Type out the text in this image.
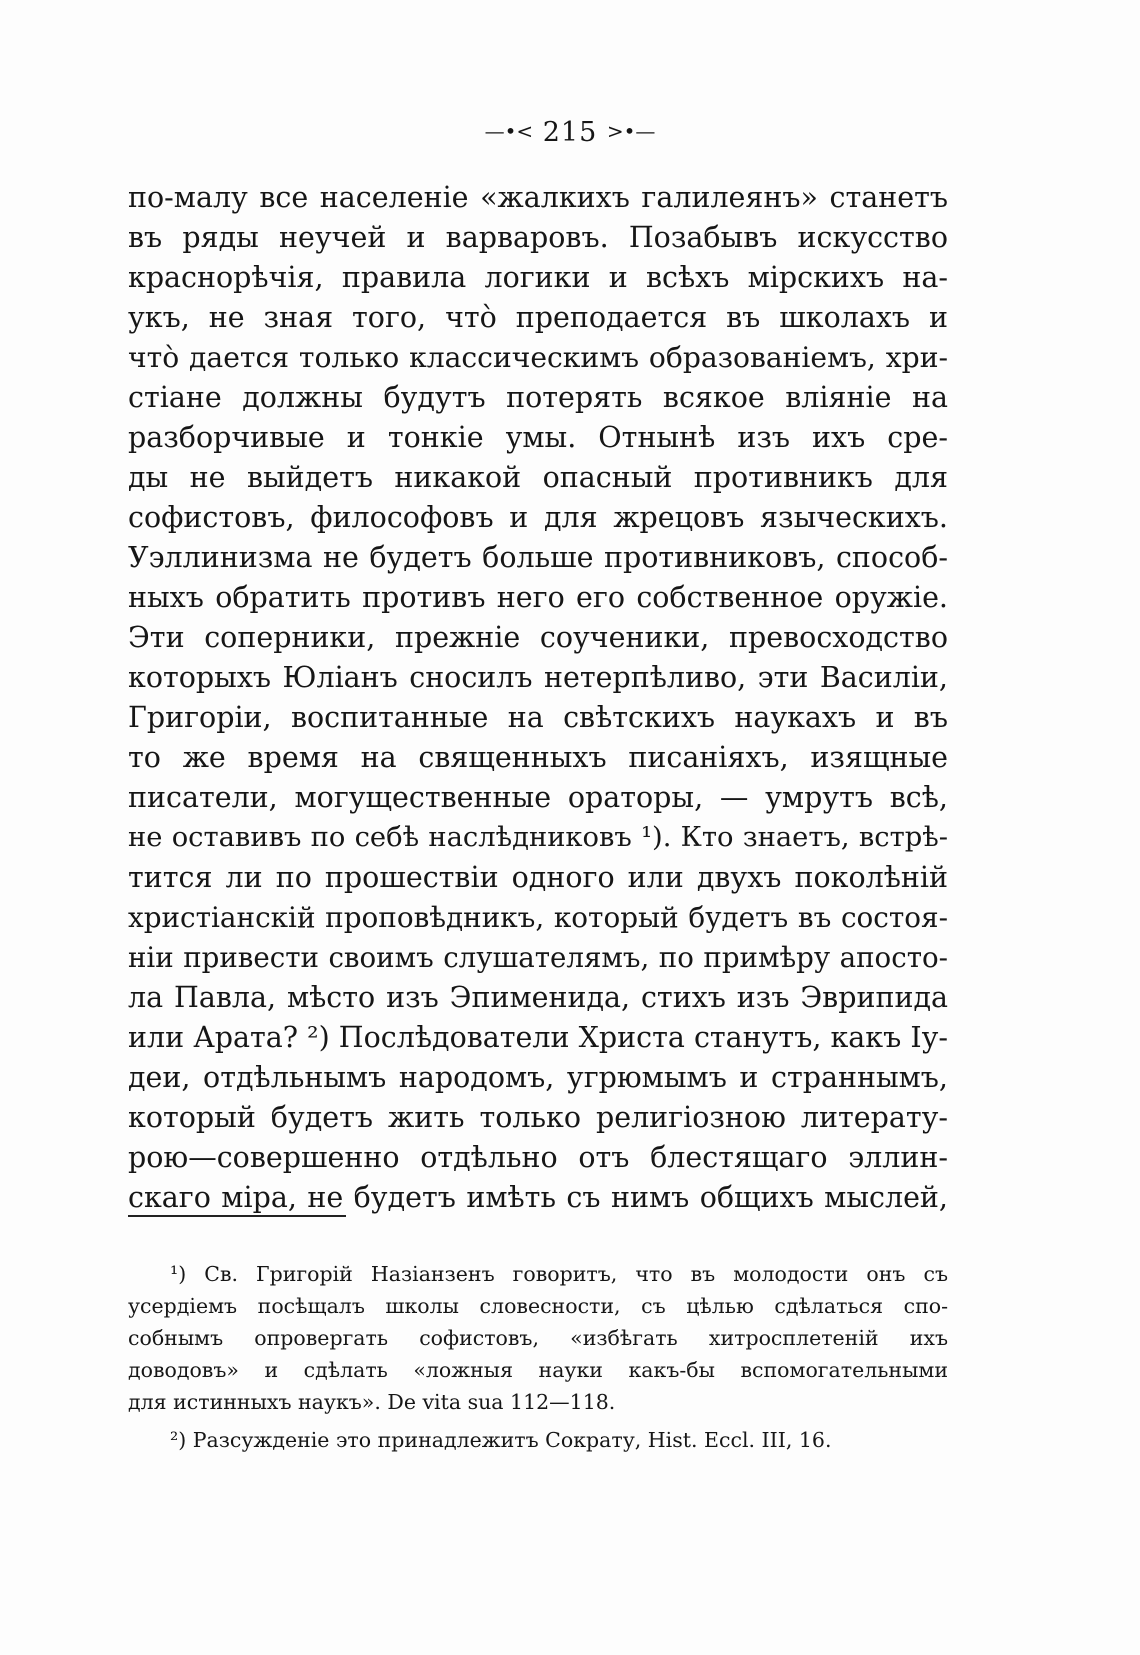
—•< 215 >•—
по-малу все населеніе «жалкихъ галилеянъ» станетъ
въ ряды неучей и варваровъ. Позабывъ искусство
краснорѣчія, правила логики и всѣхъ мірскихъ на-
укъ, не зная того, чтò преподается въ школахъ и
чтò дается только классическимъ образованіемъ, хри-
стіане должны будутъ потерять всякое вліяніе на
разборчивые и тонкіе умы. Отнынѣ изъ ихъ сре-
ды не выйдетъ никакой опасный противникъ для
софистовъ, философовъ и для жрецовъ языческихъ.
Уэллинизма не будетъ больше противниковъ, способ-
ныхъ обратить противъ него его собственное оружіе.
Эти соперники, прежніе соученики, превосходство
которыхъ Юліанъ сносилъ нетерпѣливо, эти Василіи,
Григоріи, воспитанные на свѣтскихъ наукахъ и въ
то же время на священныхъ писаніяхъ, изящные
писатели, могущественные ораторы, — умрутъ всѣ,
не оставивъ по себѣ наслѣдниковъ ¹). Кто знаетъ, встрѣ-
тится ли по прошествіи одного или двухъ поколѣній
христіанскій проповѣдникъ, который будетъ въ состоя-
ніи привести своимъ слушателямъ, по примѣру апосто-
ла Павла, мѣсто изъ Эпименида, стихъ изъ Эврипида
или Арата? ²) Послѣдователи Христа станутъ, какъ Іу-
деи, отдѣльнымъ народомъ, угрюмымъ и страннымъ,
который будетъ жить только религіозною литерату-
рою—совершенно отдѣльно отъ блестящаго эллин-
скаго міра, не будетъ имѣть съ нимъ общихъ мыслей,
¹) Св. Григорій Назіанзенъ говоритъ, что въ молодости онъ съ
усердіемъ посѣщалъ школы словесности, съ цѣлью сдѣлаться спо-
собнымъ опровергать софистовъ, «избѣгать хитросплетеній ихъ
доводовъ» и сдѣлать «ложныя науки какъ-бы вспомогательными
для истинныхъ наукъ». De vita sua 112—118.
²) Разсужденіе это принадлежитъ Сократу, Hist. Eccl. III, 16.
